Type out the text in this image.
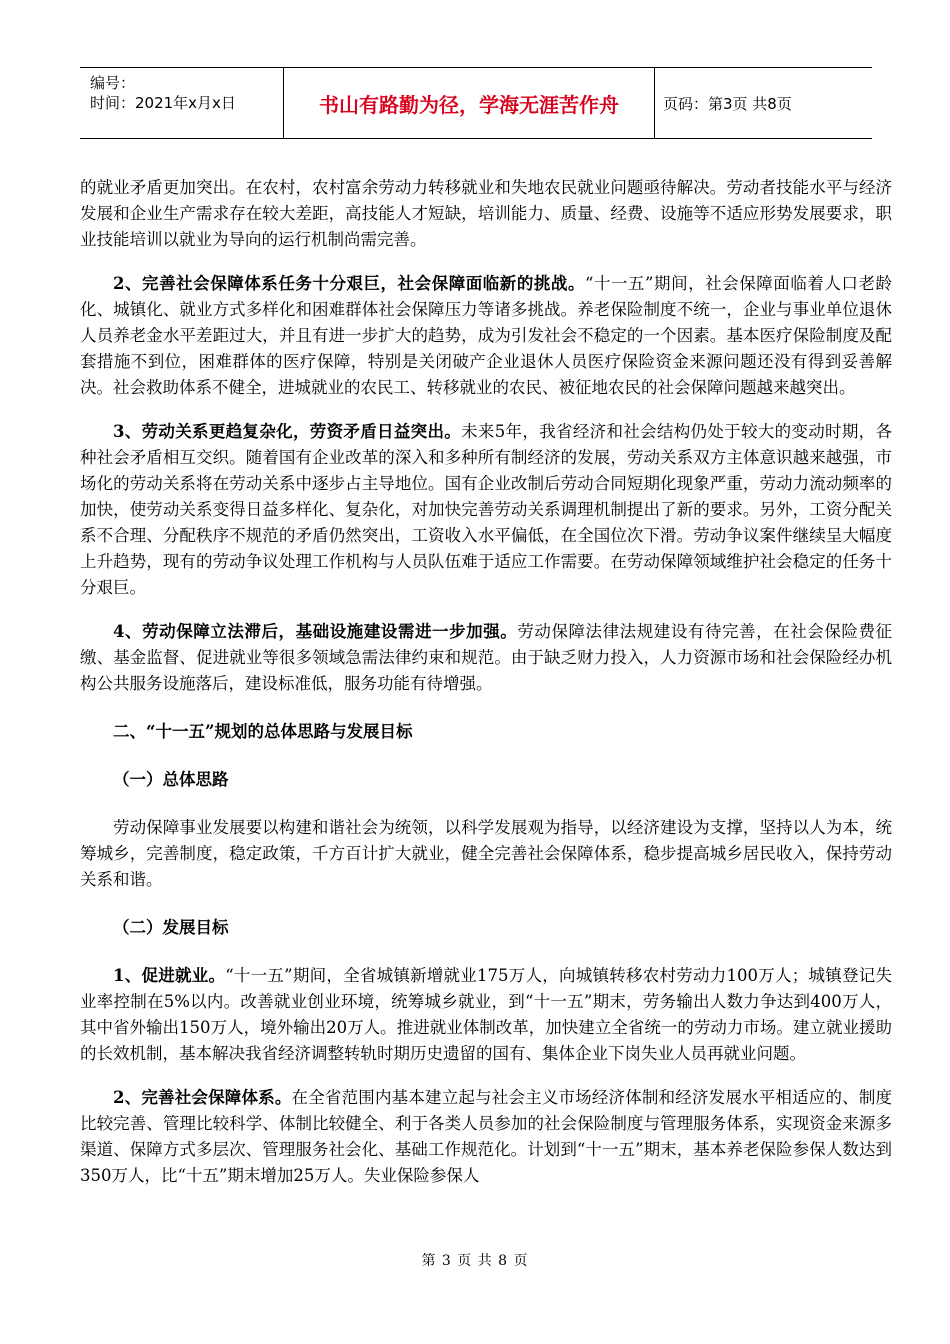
编号：
时间：2021年x月x日	书山有路勤为径，学海无涯苦作舟	页码：第3页 共8页

的就业矛盾更加突出。在农村，农村富余劳动力转移就业和失地农民就业问题亟待解决。劳动者技能水平与经济发展和企业生产需求存在较大差距，高技能人才短缺，培训能力、质量、经费、设施等不适应形势发展要求，职业技能培训以就业为导向的运行机制尚需完善。

2、完善社会保障体系任务十分艰巨，社会保障面临新的挑战。“十一五”期间，社会保障面临着人口老龄化、城镇化、就业方式多样化和困难群体社会保障压力等诸多挑战。养老保险制度不统一，企业与事业单位退休人员养老金水平差距过大，并且有进一步扩大的趋势，成为引发社会不稳定的一个因素。基本医疗保险制度及配套措施不到位，困难群体的医疗保障，特别是关闭破产企业退休人员医疗保险资金来源问题还没有得到妥善解决。社会救助体系不健全，进城就业的农民工、转移就业的农民、被征地农民的社会保障问题越来越突出。

3、劳动关系更趋复杂化，劳资矛盾日益突出。未来5年，我省经济和社会结构仍处于较大的变动时期，各种社会矛盾相互交织。随着国有企业改革的深入和多种所有制经济的发展，劳动关系双方主体意识越来越强，市场化的劳动关系将在劳动关系中逐步占主导地位。国有企业改制后劳动合同短期化现象严重，劳动力流动频率的加快，使劳动关系变得日益多样化、复杂化，对加快完善劳动关系调理机制提出了新的要求。另外，工资分配关系不合理、分配秩序不规范的矛盾仍然突出，工资收入水平偏低，在全国位次下滑。劳动争议案件继续呈大幅度上升趋势，现有的劳动争议处理工作机构与人员队伍难于适应工作需要。在劳动保障领域维护社会稳定的任务十分艰巨。

4、劳动保障立法滞后，基础设施建设需进一步加强。劳动保障法律法规建设有待完善，在社会保险费征缴、基金监督、促进就业等很多领域急需法律约束和规范。由于缺乏财力投入，人力资源市场和社会保险经办机构公共服务设施落后，建设标准低，服务功能有待增强。

二、“十一五”规划的总体思路与发展目标

（一）总体思路

劳动保障事业发展要以构建和谐社会为统领，以科学发展观为指导，以经济建设为支撑，坚持以人为本，统筹城乡，完善制度，稳定政策，千方百计扩大就业，健全完善社会保障体系，稳步提高城乡居民收入，保持劳动关系和谐。

（二）发展目标

1、促进就业。“十一五”期间，全省城镇新增就业175万人，向城镇转移农村劳动力100万人；城镇登记失业率控制在5%以内。改善就业创业环境，统筹城乡就业，到“十一五”期末，劳务输出人数力争达到400万人，其中省外输出150万人，境外输出20万人。推进就业体制改革，加快建立全省统一的劳动力市场。建立就业援助的长效机制，基本解决我省经济调整转轨时期历史遗留的国有、集体企业下岗失业人员再就业问题。

2、完善社会保障体系。在全省范围内基本建立起与社会主义市场经济体制和经济发展水平相适应的、制度比较完善、管理比较科学、体制比较健全、利于各类人员参加的社会保险制度与管理服务体系，实现资金来源多渠道、保障方式多层次、管理服务社会化、基础工作规范化。计划到“十一五”期末，基本养老保险参保人数达到350万人，比“十五”期末增加25万人。失业保险参保人

第 3 页 共 8 页
